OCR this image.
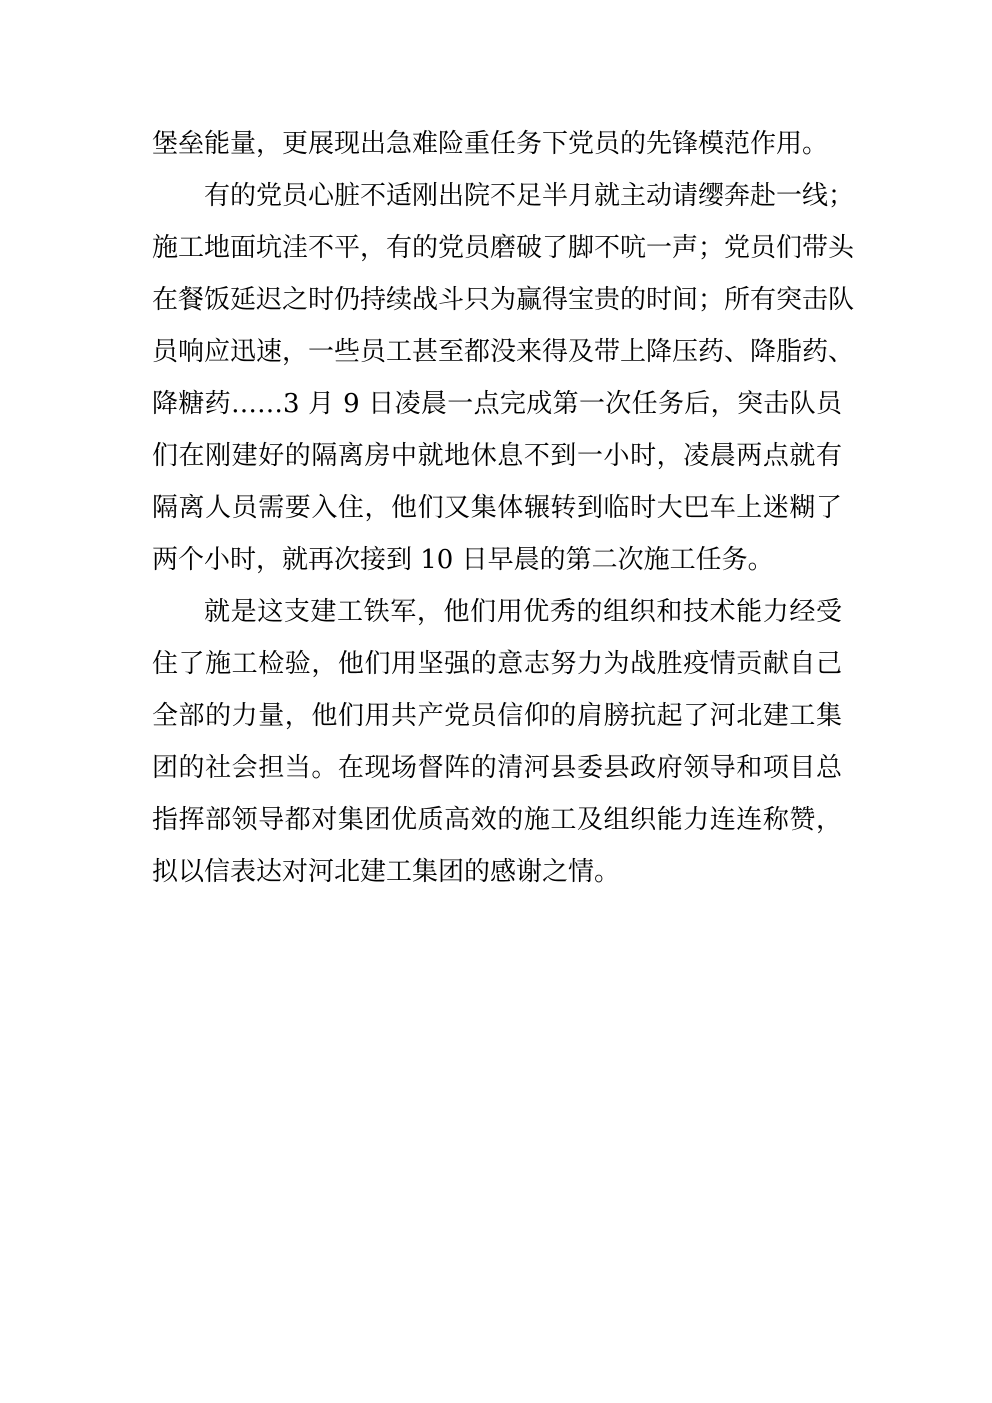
堡垒能量，更展现出急难险重任务下党员的先锋模范作用。
有的党员心脏不适刚出院不足半月就主动请缨奔赴一线；
施工地面坑洼不平，有的党员磨破了脚不吭一声；党员们带头
在餐饭延迟之时仍持续战斗只为赢得宝贵的时间；所有突击队
员响应迅速，一些员工甚至都没来得及带上降压药、降脂药、
降糖药……3 月 9 日凌晨一点完成第一次任务后，突击队员
们在刚建好的隔离房中就地休息不到一小时，凌晨两点就有
隔离人员需要入住，他们又集体辗转到临时大巴车上迷糊了
两个小时，就再次接到 10 日早晨的第二次施工任务。
就是这支建工铁军，他们用优秀的组织和技术能力经受
住了施工检验，他们用坚强的意志努力为战胜疫情贡献自己
全部的力量，他们用共产党员信仰的肩膀抗起了河北建工集
团的社会担当。在现场督阵的清河县委县政府领导和项目总
指挥部领导都对集团优质高效的施工及组织能力连连称赞，
拟以信表达对河北建工集团的感谢之情。
